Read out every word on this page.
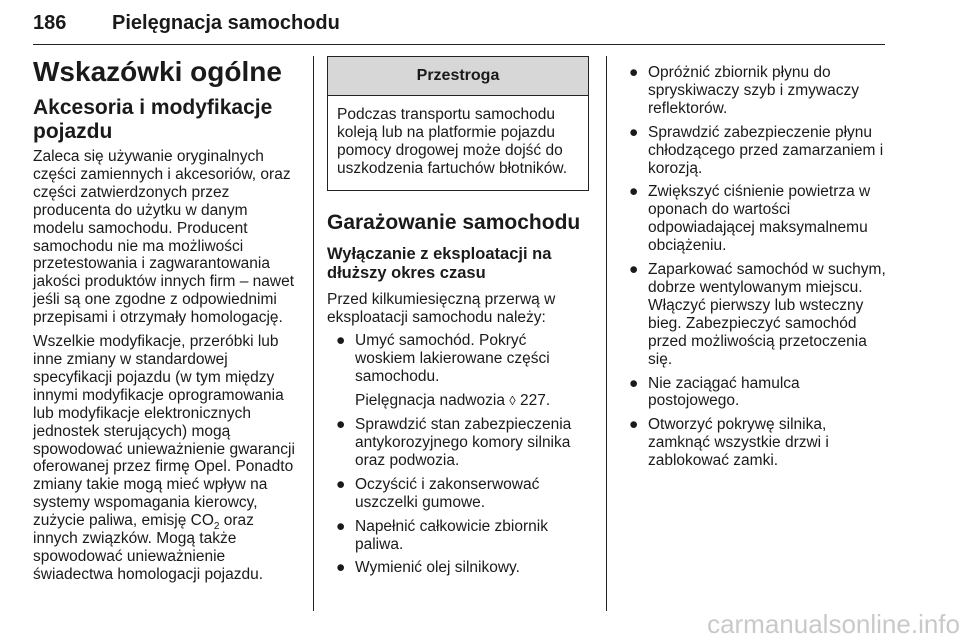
186 Pielęgnacja samochodu
Wskazówki ogólne
Akcesoria i modyfikacje pojazdu

Zaleca się używanie oryginalnych części zamiennych i akcesoriów, oraz części zatwierdzonych przez producenta do użytku w danym modelu samochodu. Producent samochodu nie ma możliwości przetestowania i zagwarantowania jakości produktów innych firm – nawet jeśli są one zgodne z odpowiednimi przepisami i otrzymały homologację.

Wszelkie modyfikacje, przeróbki lub inne zmiany w standardowej specyfikacji pojazdu (w tym między innymi modyfikacje oprogramowania lub modyfikacje elektronicznych jednostek sterujących) mogą spowodować unieważnienie gwarancji oferowanej przez firmę Opel. Ponadto zmiany takie mogą mieć wpływ na systemy wspomagania kierowcy, zużycie paliwa, emisję $CO_2$ oraz innych związków. Mogą także spowodować unieważnienie świadectwa homologacji pojazdu.

Przestroga
Podczas transportu samochodu koleją lub na platformie pojazdu pomocy drogowej może dojść do uszkodzenia fartuchów błotników.
Garażowanie samochodu
Wyłączanie z eksploatacji na dłuższy okres czasu

Przed kilkumiesięczną przerwą w eksploatacji samochodu należy:

● Umyć samochód. Pokryć woskiem lakierowane części samochodu.
Pielęgnacja nadwozia ◊ 227.
● Sprawdzić stan zabezpieczenia antykorozyjnego komory silnika oraz podwozia.
● Oczyścić i zakonserwować uszczelki gumowe.
● Napełnić całkowicie zbiornik paliwa.
● Wymienić olej silnikowy.
● Opróżnić zbiornik płynu do spryskiwaczy szyb i zmywaczy reflektorów.
● Sprawdzić zabezpieczenie płynu chłodzącego przed zamarzaniem i korozją.
● Zwiększyć ciśnienie powietrza w oponach do wartości odpowiadającej maksymalnemu obciążeniu.
● Zaparkować samochód w suchym, dobrze wentylowanym miejscu. Włączyć pierwszy lub wsteczny bieg. Zabezpieczyć samochód przed możliwością przetoczenia się.
● Nie zaciągać hamulca postojowego.
● Otworzyć pokrywę silnika, zamknąć wszystkie drzwi i zablokować zamki.
carmanualsonline.info
